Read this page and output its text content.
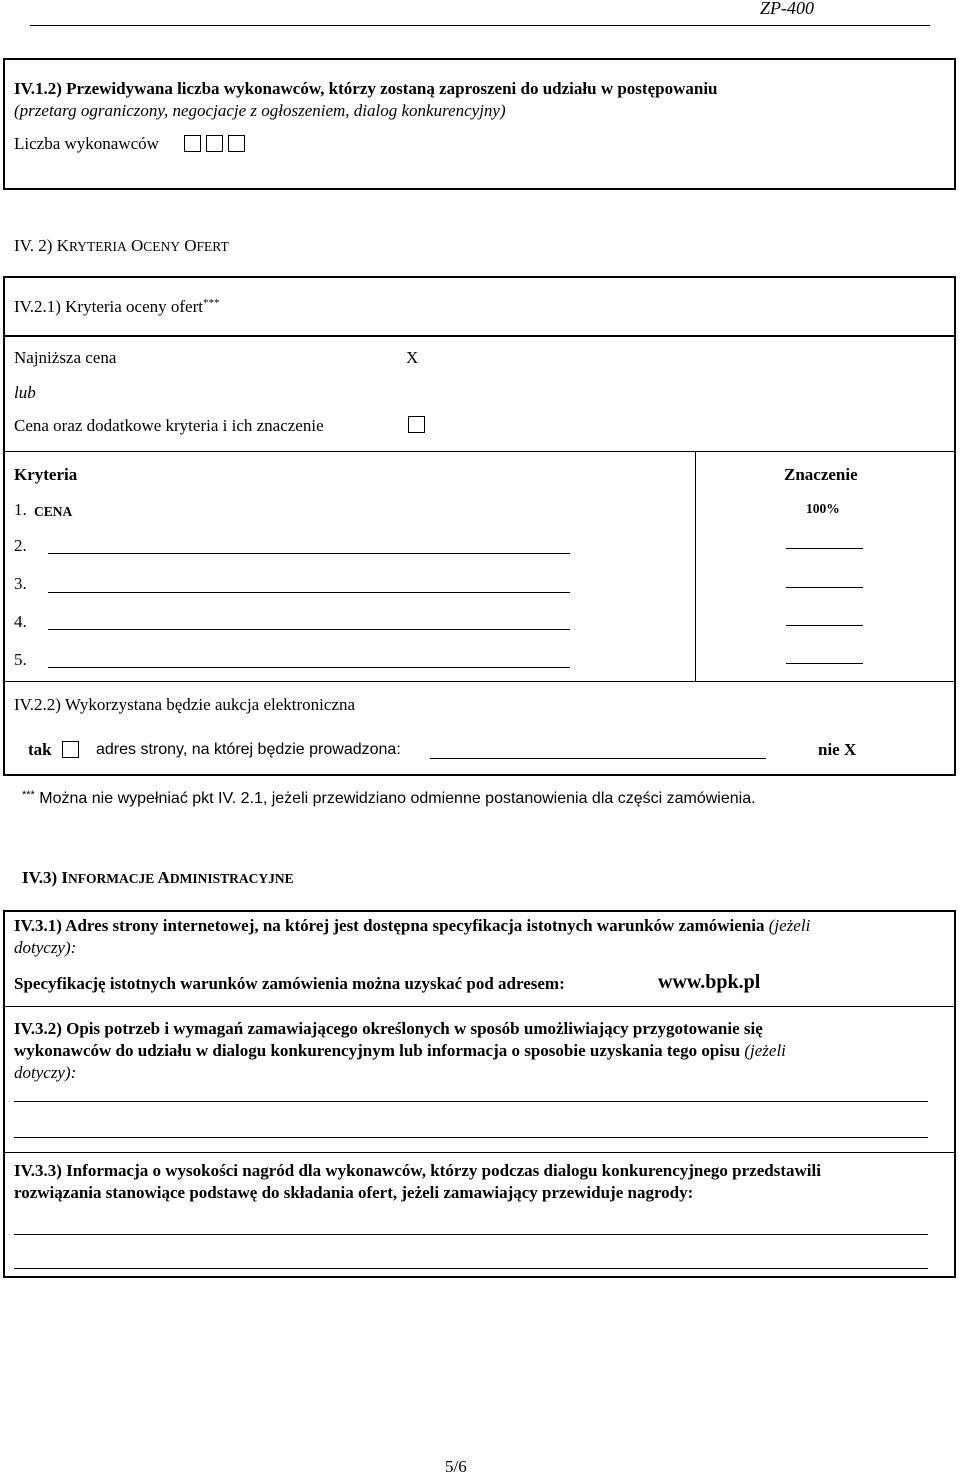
ZP-400
IV.1.2) Przewidywana liczba wykonawców, którzy zostaną zaproszeni do udziału w postępowaniu
(przetarg ograniczony, negocjacje z ogłoszeniem, dialog konkurencyjny)
Liczba wykonawców
IV. 2) KRYTERIA OCENY OFERT
IV.2.1) Kryteria oceny ofert***
Najniższa cena	X
lub
Cena oraz dodatkowe kryteria i ich znaczenie
Kryteria	Znaczenie
1. CENA	100%
2.
3.
4.
5.
IV.2.2) Wykorzystana będzie aukcja elektroniczna
tak	adres strony, na której będzie prowadzona:	nie X
*** Można nie wypełniać pkt IV. 2.1, jeżeli przewidziano odmienne postanowienia dla części zamówienia.
IV.3) INFORMACJE ADMINISTRACYJNE
IV.3.1) Adres strony internetowej, na której jest dostępna specyfikacja istotnych warunków zamówienia (jeżeli
dotyczy):
Specyfikację istotnych warunków zamówienia można uzyskać pod adresem:	www.bpk.pl
IV.3.2) Opis potrzeb i wymagań zamawiającego określonych w sposób umożliwiający przygotowanie się
wykonawców do udziału w dialogu konkurencyjnym lub informacja o sposobie uzyskania tego opisu (jeżeli
dotyczy):
IV.3.3) Informacja o wysokości nagród dla wykonawców, którzy podczas dialogu konkurencyjnego przedstawili
rozwiązania stanowiące podstawę do składania ofert, jeżeli zamawiający przewiduje nagrody:
5/6
